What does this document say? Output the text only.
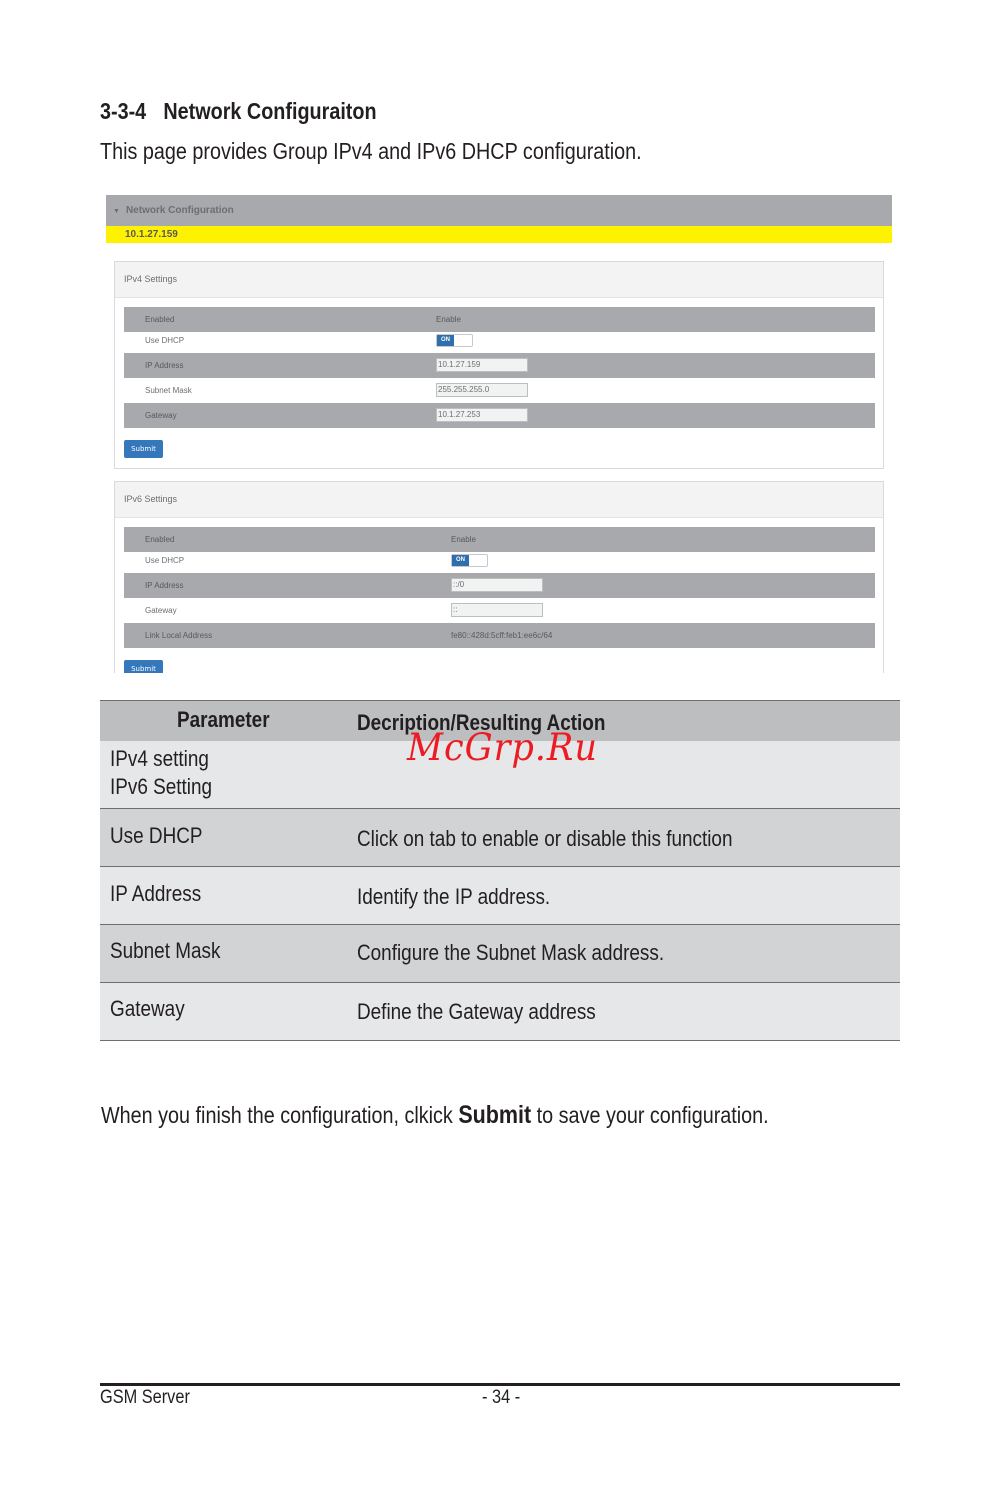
3-3-4 Network Configuraiton
This page provides Group IPv4 and IPv6 DHCP configuration.
▼ Network Configuration
10.1.27.159
IPv4 Settings
Enabled	Enable
Use DHCP	ON
IP Address	10.1.27.159
Subnet Mask	255.255.255.0
Gateway	10.1.27.253
Submit
IPv6 Settings
Enabled	Enable
Use DHCP	ON
IP Address	::/0
Gateway	::
Link Local Address	fe80::428d:5cff:feb1:ee6c/64
Submit
Parameter	Decription/Resulting Action
IPv4 setting
IPv6 Setting
Use DHCP	Click on tab to enable or disable this function
IP Address	Identify the IP address.
Subnet Mask	Configure the Subnet Mask address.
Gateway	Define the Gateway address
McGrp.Ru
When you finish the configuration, clkick Submit to save your configuration.
GSM Server	- 34 -
